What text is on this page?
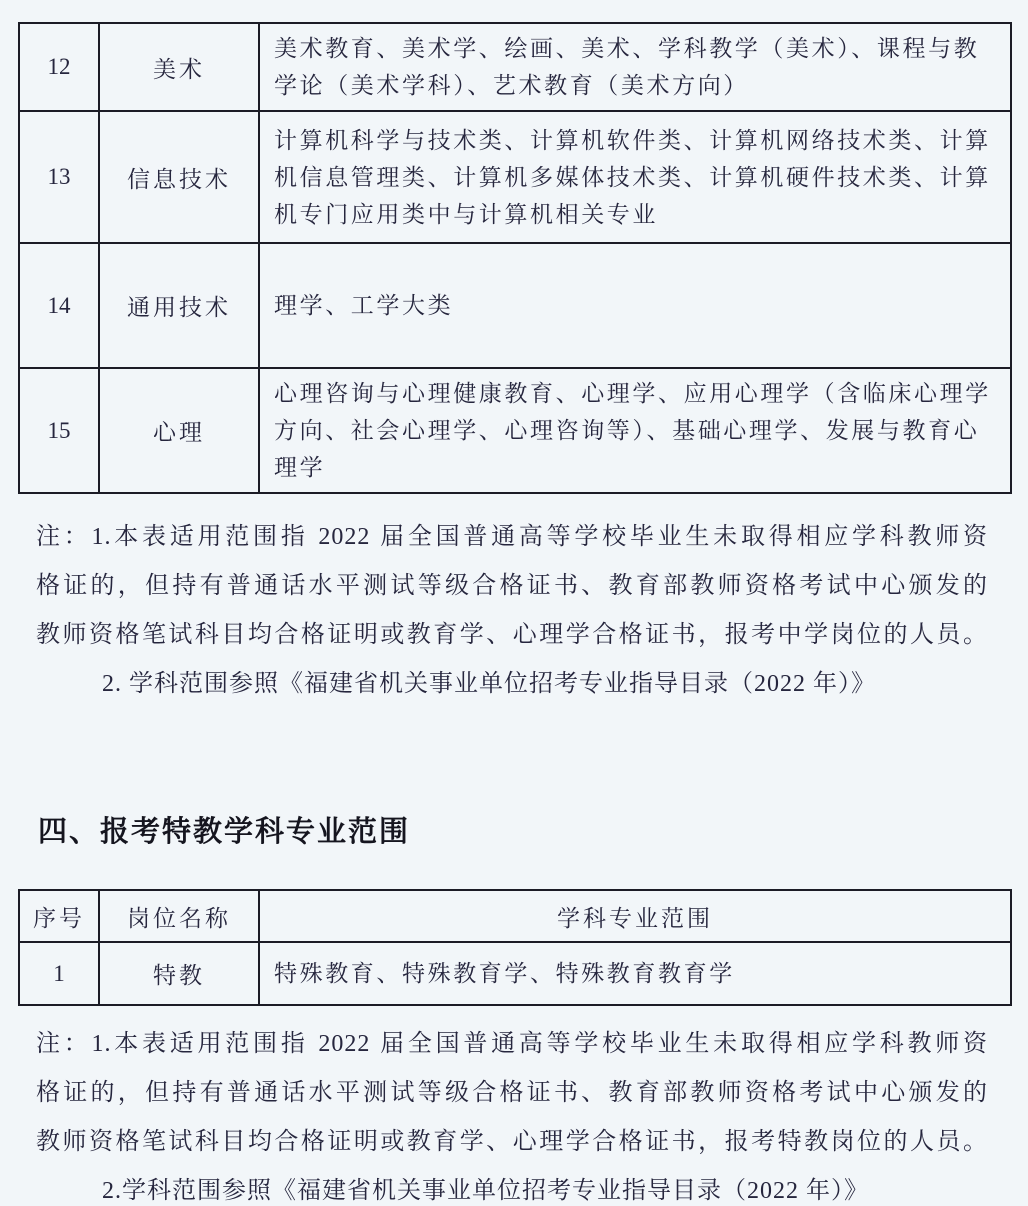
12	美术	美术教育、美术学、绘画、美术、学科教学（美术）、课程与教学论（美术学科）、艺术教育（美术方向）
13	信息技术	计算机科学与技术类、计算机软件类、计算机网络技术类、计算机信息管理类、计算机多媒体技术类、计算机硬件技术类、计算机专门应用类中与计算机相关专业
14	通用技术	理学、工学大类
15	心理	心理咨询与心理健康教育、心理学、应用心理学（含临床心理学方向、社会心理学、心理咨询等）、基础心理学、发展与教育心理学
注：1.本表适用范围指 2022 届全国普通高等学校毕业生未取得相应学科教师资
格证的，但持有普通话水平测试等级合格证书、教育部教师资格考试中心颁发的
教师资格笔试科目均合格证明或教育学、心理学合格证书，报考中学岗位的人员。
2. 学科范围参照《福建省机关事业单位招考专业指导目录（2022 年）》
四、报考特教学科专业范围
序号	岗位名称	学科专业范围
1	特教	特殊教育、特殊教育学、特殊教育教育学
注：1.本表适用范围指 2022 届全国普通高等学校毕业生未取得相应学科教师资
格证的，但持有普通话水平测试等级合格证书、教育部教师资格考试中心颁发的
教师资格笔试科目均合格证明或教育学、心理学合格证书，报考特教岗位的人员。
2.学科范围参照《福建省机关事业单位招考专业指导目录（2022 年）》
